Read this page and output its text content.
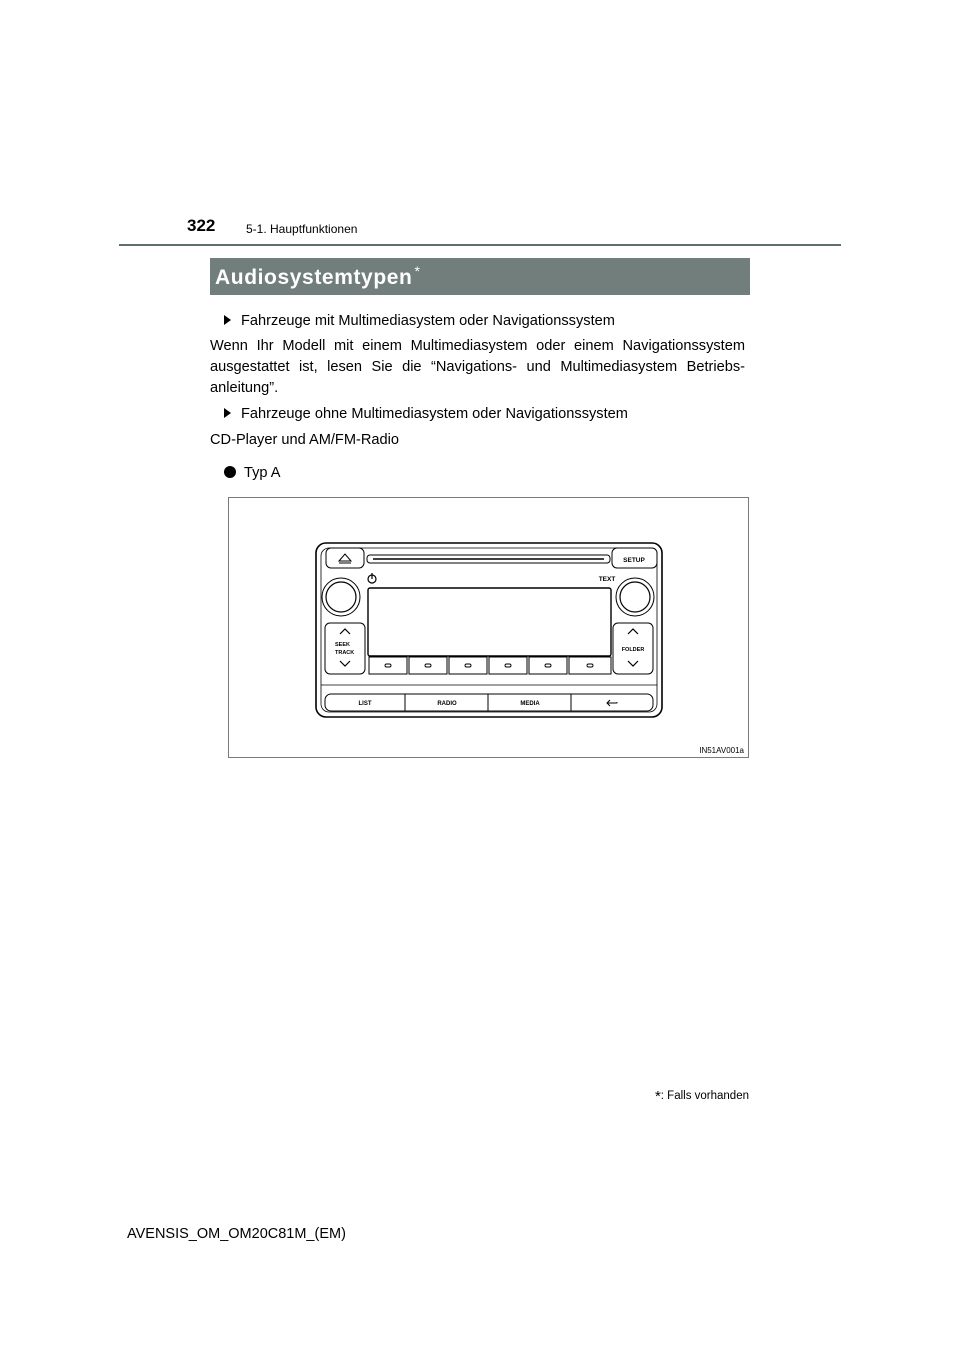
322	5-1. Hauptfunktionen
Audiosystemtypen *
Fahrzeuge mit Multimediasystem oder Navigationssystem
Wenn Ihr Modell mit einem Multimediasystem oder einem Navigationssystem
ausgestattet ist, lesen Sie die “Navigations- und Multimediasystem Betriebs-
anleitung”.
Fahrzeuge ohne Multimediasystem oder Navigationssystem
CD-Player und AM/FM-Radio
Typ A
SETUP
TEXT
SEEK
TRACK	FOLDER
LIST	RADIO	MEDIA
IN51AV001a
*: Falls vorhanden
AVENSIS_OM_OM20C81M_(EM)
